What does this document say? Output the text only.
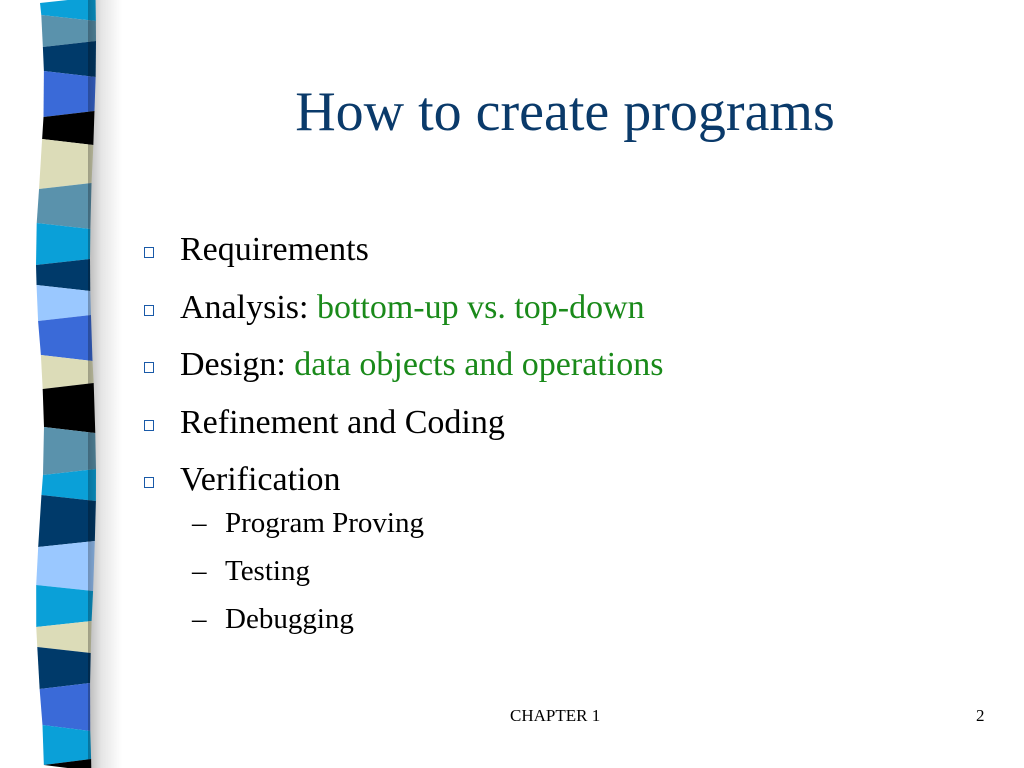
How to create programs
Requirements
Analysis: bottom-up vs. top-down
Design: data objects and operations
Refinement and Coding
Verification
– Program Proving
– Testing
– Debugging
CHAPTER 1	2
